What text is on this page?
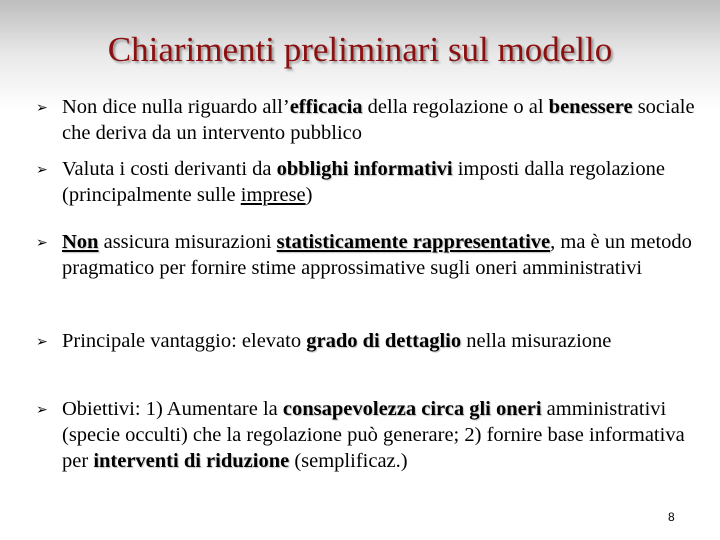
Chiarimenti preliminari sul modello
➢ Non dice nulla riguardo all’efficacia della regolazione o al benessere sociale che deriva da un intervento pubblico
➢ Valuta i costi derivanti da obblighi informativi imposti dalla regolazione (principalmente sulle imprese)
➢ Non assicura misurazioni statisticamente rappresentative, ma è un metodo pragmatico per fornire stime approssimative sugli oneri amministrativi
➢ Principale vantaggio: elevato grado di dettaglio nella misurazione
➢ Obiettivi: 1) Aumentare la consapevolezza circa gli oneri amministrativi (specie occulti) che la regolazione può generare; 2) fornire base informativa per interventi di riduzione (semplificaz.)
8
